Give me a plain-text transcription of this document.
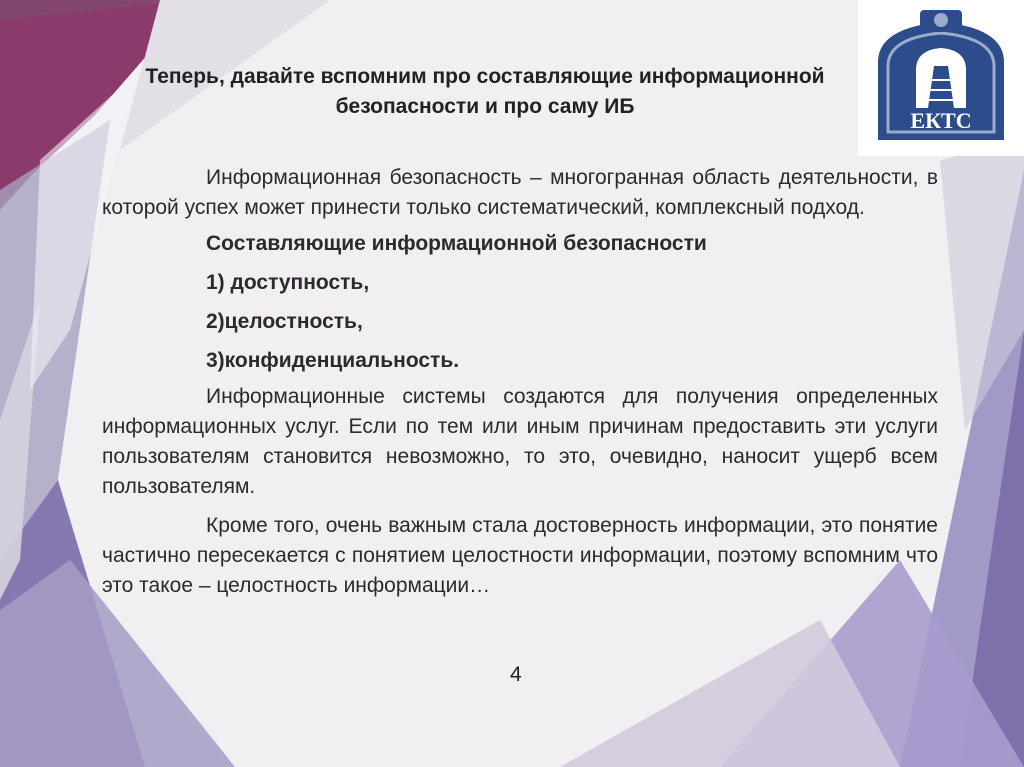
ЕКТС
Теперь, давайте вспомним про составляющие информационной безопасности и про саму ИБ

Информационная безопасность – многогранная область деятельности, в которой успех может принести только систематический, комплексный подход.

Составляющие информационной безопасности

1) доступность,

2)целостность,

3)конфиденциальность.

Информационные системы создаются для получения определенных информационных услуг. Если по тем или иным причинам предоставить эти услуги пользователям становится невозможно, то это, очевидно, наносит ущерб всем пользователям.

Кроме того, очень важным стала достоверность информации, это понятие частично пересекается с понятием целостности информации, поэтому вспомним что это такое – целостность информации…

4
